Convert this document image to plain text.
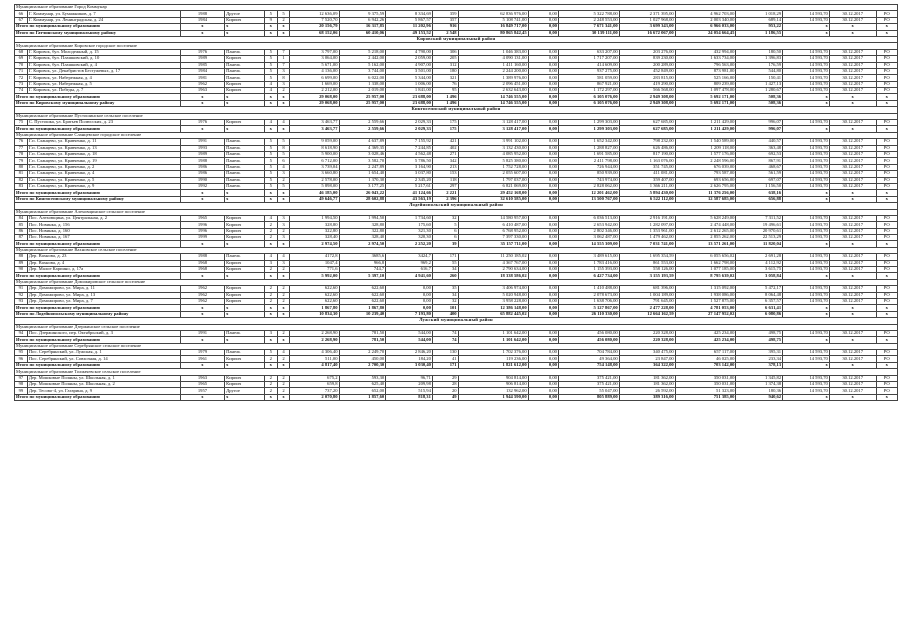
Муниципальное образование Город Коммунар																		
66	Г. Коммунар, ул. Бумажников, д. 7	1988	Другое	5	5	12 636,09	9 375,59	8 334,69	359	62 836 976,00	0,00	5 322 788,00	2 371 395,00	4 962 703,00	1 018,29	14 593,70	30.12.2017	РО
67	Г. Коммунар, ул. Ленинградская, д. 24	1984	Кирпич	9	2	7 520,70	6 942,26	5 867,57	357	5 108 741,00	0,00	2 248 553,00	1 027 968,00	2 003 340,00	689,14	14 593,70	30.12.2017	РО
Итого по муниципальному образованию		x	x	x	x	20 156,79	16 317,85	11 202,96	916	16 849 717,00	0,00	7 671 341,00	3 699 343,00	6 966 033,00	953,22	x	x	x
Итого по Гатчинскому муниципальному району		x	x	x	x	68 152,06	60 410,06	49 153,52	2 548	80 865 842,45	0,00	30 139 111,00	16 672 067,00	24 054 664,45	1 186,55	x	x	x
Кировский муниципальный район																		
Муниципальное образование Кировское городское поселение																		
68	Г. Кировск, бул. Молодежный, д. 15	1976	Панель	5	7	3 797,00	5 218,00	4 790,00	306	1 046 383,00	0,00	633 207,00	203 276,00	432 994,00	180,50	14 593,70	30.12.2017	РО
69	Г. Кировск, бул. Плашковский, д. 10	1989	Кирпич	5	1	3 064,00	2 442,00	2 059,00	205	4 090 131,00	0,00	1 717 207,00	839 230,00	1 633 734,00	1 396,83	14 593,70	30.12.2017	РО
70	Г. Кировск, бул. Плашковский, д. 4	1985	Панель	5	7	5 671,00	5 162,00	4 907,00	312	1 411 160,00	0,00	414 609,00	200 289,00	796 563,00	176,59	14 593,70	30.12.2017	РО
71	Г. Кировск, ул. Декабристов Бестужевых, д. 17	1984	Панель	5	3	4 136,00	3 744,00	3 501,00	180	2 244 200,00	0,00	937 275,00	452 849,00	873 981,00	544,80	14 593,70	30.12.2017	РО
72	Г. Кировск, ул. Набережная, д. 4	1981	Панель	5	8	6 699,00	6 022,00	5 344,00	321	1 389 976,00	0,00	581 059,00	283 815,00	525 166,00	150,41	14 593,70	30.12.2017	РО
73	Г. Кировск, ул. Набережная, д. 5	1962	Кирпич	4	3	1 669,00	1 338,00	1 006,00	76	2 096 451,00	0,00	867 921,00	419 290,00	809 239,00	1 427,13	14 593,70	30.12.2017	РО
74	Г. Кировск, ул. Победы, д. 7	1963	Кирпич	4	2	2 212,00	2 019,00	1 841,00	95	2 632 643,00	0,00	1 172 297,00	566 568,00	1 097 478,00	1 280,67	14 593,70	30.12.2017	РО
Итого по муниципальному образованию		x	x	x	x	29 068,00	25 957,00	23 688,00	1 496	14 746 555,00	0,00	6 105 076,00	2 949 308,00	5 692 171,00	508,36	x	x	x
Итого по Кировскому муниципальному району		x	x	x	x	29 068,00	25 957,00	23 688,00	1 496	14 746 555,00	0,00	6 105 076,00	2 949 308,00	5 692 171,00	508,36	x	x	x
Кингисеппский муниципальный район																		
Муниципальное образование Пустошинское сельское поселение																		
75	С. Пустошка, ул. Братьев Полюсских, д. 23	1976	Кирпич	4	4	3 463,77	2 559,66	2 029,33	175	3 128 417,00	0,00	1 299 303,00	627 685,00	1 211 429,00	996,07	14 593,70	30.12.2017	РО
Итого по муниципальному образованию		x	x	x	x	3 463,77	2 559,66	2 029,33	175	3 128 417,00	0,00	1 299 303,00	627 685,00	1 211 429,00	996,07	x	x	x
Муниципальное образование Сланцевское городское поселение																		
76	Г.п. Сланцево, ул. Кравченко, д. 11	1991	Панель	5	5	9 059,00	4 637,89	7 155,92	421	3 991 102,00	0,00	1 652 342,00	798 232,00	1 540 589,00	440,57	14 593,70	30.12.2017	РО
77	Г.п. Сланцево, ул. Кравченко, д. 13	1993	Панель	5	8	8 618,90	4 369,35	7 244,85	402	3 132 430,00	0,00	1 288 827,00	626 486,00	1 209 118,00	363,48	14 593,70	30.12.2017	РО
78	Г.п. Сланцево, ул. Кравченко, д. 18	1989	Панель	5	5	5 900,00	3 028,46	4 562,48	271	4 085 952,00	0,00	1 691 585,00	817 190,00	1 577 176,00	692,53	14 593,70	30.12.2017	РО
79	Г.п. Сланцево, ул. Кравченко, д. 19	1988	Панель	5	6	6 712,00	3 582,70	5 786,50	342	5 825 380,00	0,00	2 411 798,00	1 163 076,00	2 248 596,00	867,91	14 593,70	30.12.2017	РО
80	Г.п. Сланцево, ул. Кравченко, д. 2	1986	Панель	5	4	3 739,04	2 247,89	3 164,90	213	1 752 728,00	0,00	726 944,00	351 745,00	676 039,00	468,67	14 593,70	30.12.2017	РО
81	Г.п. Сланцево, ул. Кравченко, д. 4	1986	Панель	5	3	3 660,80	1 654,40	3 037,80	153	2 055 607,00	0,00	850 939,00	411 081,00	793 587,00	561,59	14 593,70	30.12.2017	РО
82	Г.п. Сланцево, ул. Кравченко, д. 5	1990	Панель	5	2	2 578,00	1 370,30	2 345,20	118	1 797 037,00	0,00	743 974,00	359 407,00	693 656,00	697,07	14 593,70	30.12.2017	РО
83	Г.п. Сланцево, ул. Кравченко, д. 9	1992	Панель	5	5	5 898,00	3 177,25	5 217,61	297	6 821 069,00	0,00	2 828 062,00	1 366 211,00	2 626 795,00	1 156,50	14 593,70	30.12.2017	РО
Итого по муниципальному образованию		x	x	x	x	46 185,00	26 043,22	41 124,66	2 221	29 452 168,00	0,00	12 201 462,00	5 894 430,00	11 376 256,00	638,16	x	x	x
Итого по Кингисеппскому муниципальному району		x	x	x	x	49 646,77	28 602,88	43 563,19	2 396	32 610 585,00	0,00	13 500 767,00	6 522 112,00	12 587 685,00	656,88	x	x	x
Лодейнопольский муниципальный район																		
Муниципальное образование Алеховщинское сельское поселение																		
84	Пос. Алеховщина, ул. Центральная, д. 2	1965	Кирпич	4	3	1 994,50	1 994,50	1 734,60	32	14 580 957,00	0,00	6 036 513,00	2 916 191,00	5 628 249,00	7 311,52	14 593,70	30.12.2017	РО
85	Пос. Новинка, д. 156	1996	Кирпич	2	3	328,80	328,80	175,60	5	6 410 487,00	0,00	2 653 942,00	1 282 097,00	2 474 448,00	19 496,61	14 593,70	30.12.2017	РО
86	Пос. Новинка, д. 160	1996	Кирпич	2	2	322,80	322,80	321,30	6	6 768 952,00	0,00	2 802 346,00	1 353 961,00	2 612 265,00	20 970,61	14 593,70	30.12.2017	РО
87	Пос. Новинка, д. 167	1999	Кирпич	2	3	328,40	328,40	320,30	6	7 397 330,00	0,00	3 062 487,00	1 479 462,00	2 855 262,00	22 513,29	14 593,70	30.12.2017	РО
Итого по муниципальному образованию		x	x	x	x	2 974,50	2 974,50	2 252,20	39	35 157 711,00	0,00	14 555 309,00	7 031 741,00	13 571 261,00	11 820,04	x	x	x
Муниципальное образование Вахновское сельское поселение																		
88	Дер. Вахнова, д. 23	1988	Панель	4	4	4172,8	3685,6	3424,7	171	11 250 185,02	0,00	3 489 615,00	1 695 354,59	6 055 656,02	2 691,28	14 593,70	30.12.2017	РО
89	Дер. Вахнова, д. 4	1968	Кирпич	3	3	1047,4	966,8	969,2	55	4 367 767,00	0,00	1 783 416,00	861 553,00	1 662 798,00	4 112,92	14 593,70	30.12.2017	РО
90	Дер. Малое Карпино, д. 17а	1968	Кирпич	2	2	771,6	744,7	616,7	34	2 790 634,00	0,00	1 155 393,00	558 126,00	1 077 185,00	3 615,75	14 593,70	30.12.2017	РО
Итого по муниципальному образованию		x	x	x	x	5 992,00	5 397,10	4 941,60	260	18 338 586,02	0,00	6 427 734,00	3 155 193,59	8 795 639,02	3 058,84	x	x	x
Муниципальное образование Доможировское сельское поселение																		
91	Дер. Доможирово, ул. Мира, д. 11	1962	Кирпич	2	2	622,60	622,60	0,00	35	3 406 974,00	0,00	1 410 488,00	681 396,00	1 315 092,00	5 472,17	14 593,70	30.12.2017	РО
92	Дер. Доможирово, ул. Мира, д. 13	1962	Кирпич	2	2	622,60	622,60	0,00	34	5 020 948,00	0,00	2 078 673,00	1 004 189,00	1 938 086,00	8 064,48	14 593,70	30.12.2017	РО
93	Дер. Доможирово, ул. Мира, д. 7	1962	Кирпич	2	2	622,60	622,60	0,00	32	3 958 228,00	0,00	1 638 706,00	791 645,00	1 527 875,00	6 357,57	14 593,70	30.12.2017	РО
Итого по муниципальному образованию		x	x	x	x	1 867,80	1 867,80	0,00	101	12 386 148,00	0,00	5 127 867,00	2 477 228,00	4 781 053,00	6 631,41	x	x	x
Итого по Лодейнопольскому муниципальному району		x	x	x	x	10 834,30	10 239,40	7 193,80	400	65 882 445,02	0,00	26 110 330,00	12 664 162,59	27 147 952,02	6 080,86	x	x	x
Лужский муниципальный район																		
Муниципальное образование Дзержинское сельское поселение																		
94	Пос. Дзержинского, пер. Октябрьский, д. 3	1991	Панель	3	2	2 268,90	781,50	544,00	74	1 101 642,00	0,00	456 080,00	220 328,00	425 234,00	498,75	14 593,70	30.12.2017	РО
Итого по муниципальному образованию		x	x	x	x	2 268,90	781,50	544,00	74	1 101 642,00	0,00	456 080,00	220 328,00	425 234,00	498,75	x	x	x
Муниципальное образование Серебрянское сельское поселение																		
95	Пос. Серебрянский, ул. Лужская, д. 1	1979	Панель	5	4	4 306,40	2 249,70	2 846,20	130	1 702 376,00	0,00	704 784,00	340 475,00	657 117,00	395,31	14 593,70	30.12.2017	РО
96	Пос. Серебрянский, ул. Совхозная, д. 14	1961	Кирпич	2	2	511,00	450,00	184,20	41	119 236,00	0,00	49 364,00	23 847,00	46 025,00	233,34	14 593,70	30.12.2017	РО
Итого по муниципальному образованию		x	x	x	x	4 817,40	2 700,30	3 030,40	171	1 821 612,00	0,00	754 148,00	364 322,00	703 142,00	378,13	x	x	x
Муниципальное образование Толмачевское сельское поселение																		
97	Дер. Мошковые Поляны, ул. Школьная, д. 1	1963	Кирпич	2	2	675,2	593,30	96,71	29	904 814,00	0,00	375 421,00	181 362,00	350 031,00	1 345,82	14 593,70	30.12.2017	РО
98	Дер. Мошковые Поляны, ул. Школьная, д. 2	1965	Кирпич	2	2	659,8	625,40	209,98	28	906 814,00	0,00	375 421,00	181 362,00	350 031,00	1 374,38	14 593,70	30.12.2017	РО
99	Дер. Тесово-4, ул. Гагарина, д. 9	1957	Другое	2	2	737,20	652,00	515,94	20	132 962,00	0,00	55 047,00	26 592,00	51 323,00	180,36	14 593,70	30.12.2017	РО
Итого по муниципальному образованию		x	x	x	x	2 070,80	1 857,60	818,31	49	1 944 590,00	0,00	805 889,00	389 316,00	751 385,00	940,62	x	x	x
